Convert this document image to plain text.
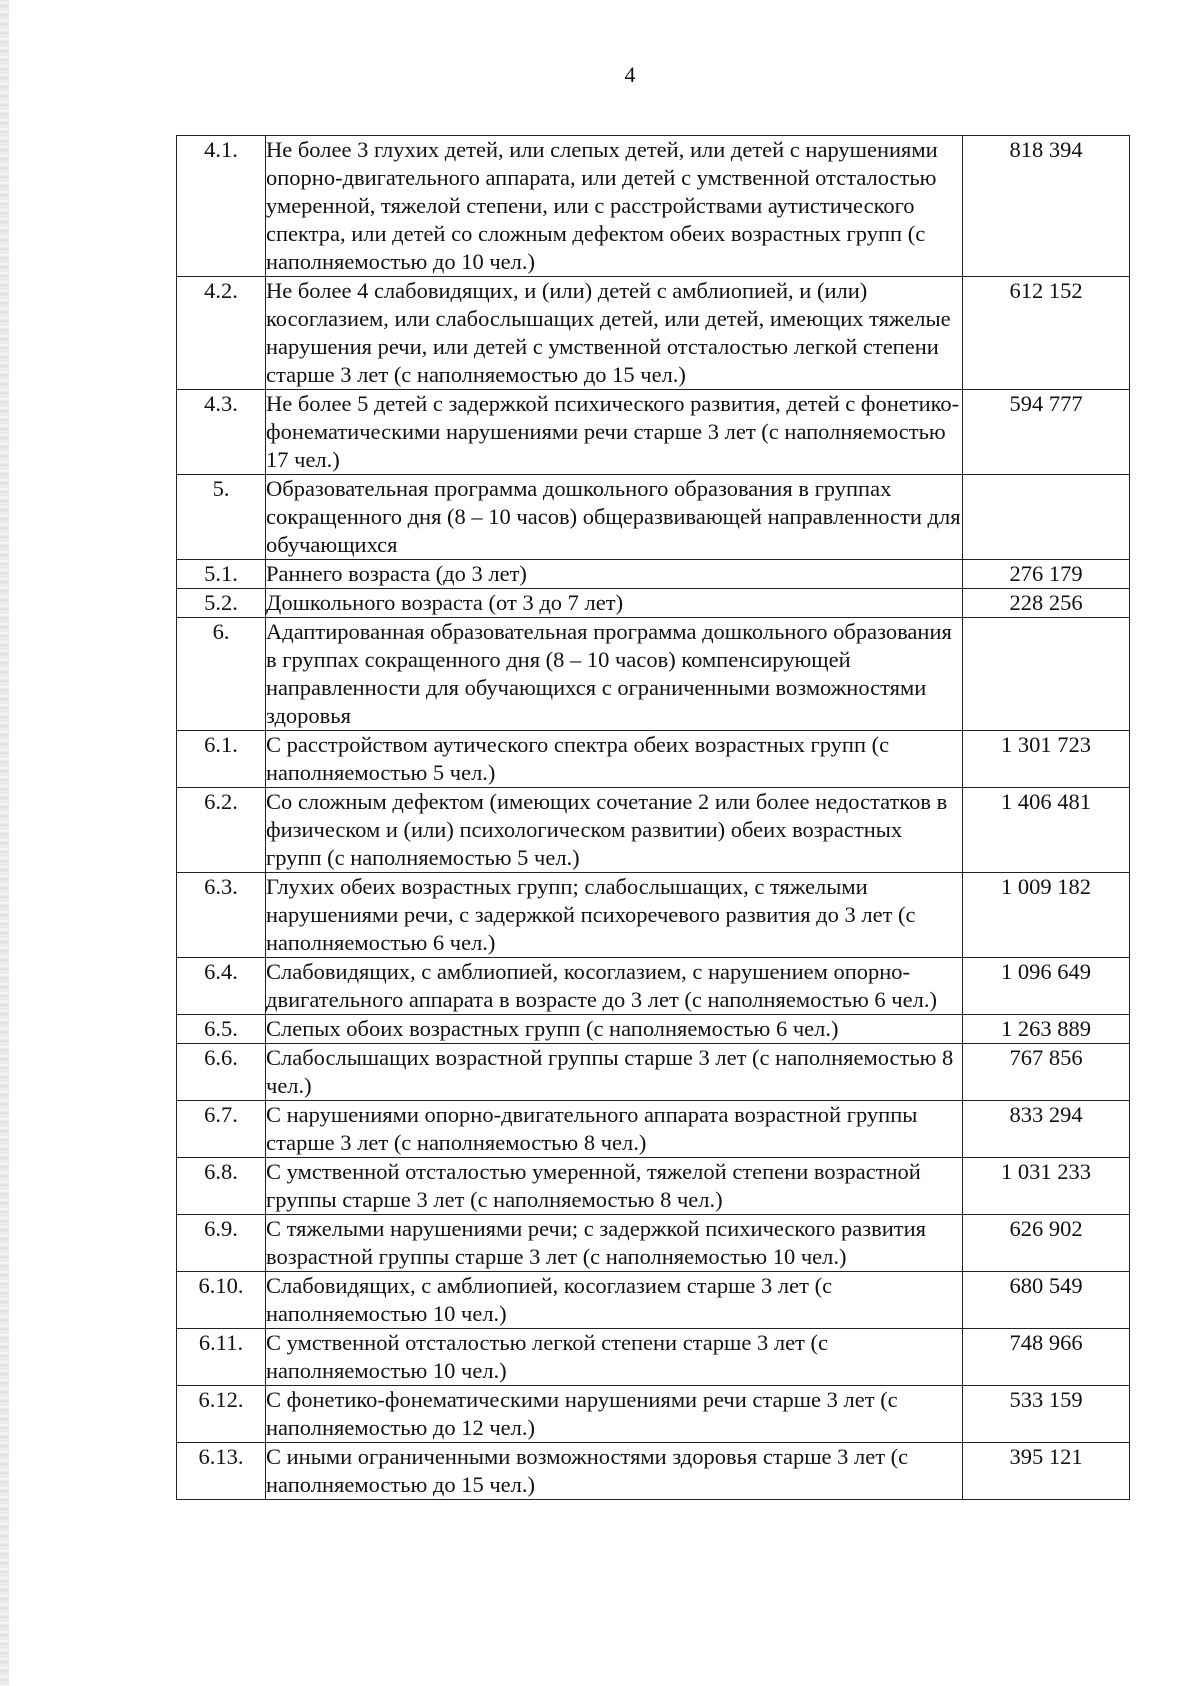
4
4.1.	Не более 3 глухих детей, или слепых детей, или детей с нарушениями опорно-двигательного аппарата, или детей с умственной отсталостью умеренной, тяжелой степени, или с расстройствами аутистического спектра, или детей со сложным дефектом обеих возрастных групп (с наполняемостью до 10 чел.)	818 394
4.2.	Не более 4 слабовидящих, и (или) детей с амблиопией, и (или) косоглазием, или слабослышащих детей, или детей, имеющих тяжелые нарушения речи, или детей с умственной отсталостью легкой степени старше 3 лет (с наполняемостью до 15 чел.)	612 152
4.3.	Не более 5 детей с задержкой психического развития, детей с фонетико-фонематическими нарушениями речи старше 3 лет (с наполняемостью 17 чел.)	594 777
5.	Образовательная программа дошкольного образования в группах сокращенного дня (8 – 10 часов) общеразвивающей направленности для обучающихся	
5.1.	Раннего возраста (до 3 лет)	276 179
5.2.	Дошкольного возраста (от 3 до 7 лет)	228 256
6.	Адаптированная образовательная программа дошкольного образования в группах сокращенного дня (8 – 10 часов) компенсирующей направленности для обучающихся с ограниченными возможностями здоровья	
6.1.	С расстройством аутического спектра обеих возрастных групп (с наполняемостью 5 чел.)	1 301 723
6.2.	Со сложным дефектом (имеющих сочетание 2 или более недостатков в физическом и (или) психологическом развитии) обеих возрастных групп (с наполняемостью 5 чел.)	1 406 481
6.3.	Глухих обеих возрастных групп; слабослышащих, с тяжелыми нарушениями речи, с задержкой психоречевого развития до 3 лет (с наполняемостью 6 чел.)	1 009 182
6.4.	Слабовидящих, с амблиопией, косоглазием, с нарушением опорно-двигательного аппарата в возрасте до 3 лет (с наполняемостью 6 чел.)	1 096 649
6.5.	Слепых обоих возрастных групп (с наполняемостью 6 чел.)	1 263 889
6.6.	Слабослышащих возрастной группы старше 3 лет (с наполняемостью 8 чел.)	767 856
6.7.	С нарушениями опорно-двигательного аппарата возрастной группы старше 3 лет (с наполняемостью 8 чел.)	833 294
6.8.	С умственной отсталостью умеренной, тяжелой степени возрастной группы старше 3 лет (с наполняемостью 8 чел.)	1 031 233
6.9.	С тяжелыми нарушениями речи; с задержкой психического развития возрастной группы старше 3 лет (с наполняемостью 10 чел.)	626 902
6.10.	Слабовидящих, с амблиопией, косоглазием старше 3 лет (с наполняемостью 10 чел.)	680 549
6.11.	С умственной отсталостью легкой степени старше 3 лет (с наполняемостью 10 чел.)	748 966
6.12.	С фонетико-фонематическими нарушениями речи старше 3 лет (с наполняемостью до 12 чел.)	533 159
6.13.	С иными ограниченными возможностями здоровья старше 3 лет (с наполняемостью до 15 чел.)	395 121
